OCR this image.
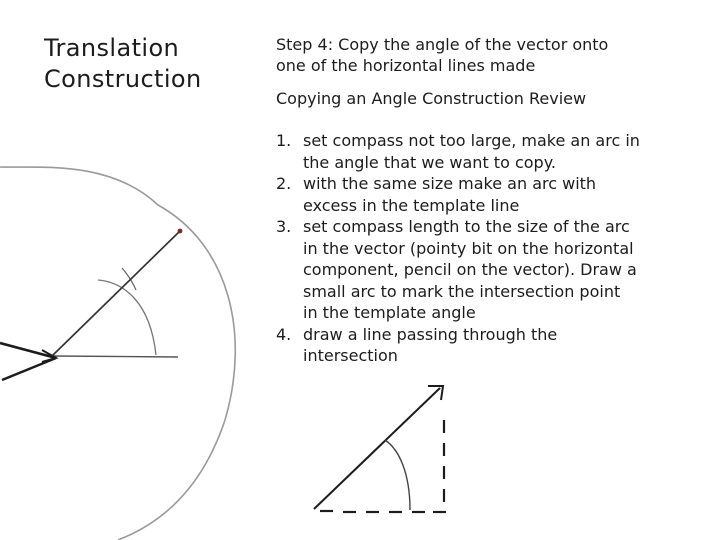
Translation
Construction
Step 4: Copy the angle of the vector onto
one of the horizontal lines made
Copying an Angle Construction Review
1. set compass not too large, make an arc in
the angle that we want to copy.
2. with the same size make an arc with
excess in the template line
3. set compass length to the size of the arc
in the vector (pointy bit on the horizontal
component, pencil on the vector). Draw a
small arc to mark the intersection point
in the template angle
4. draw a line passing through the
intersection
